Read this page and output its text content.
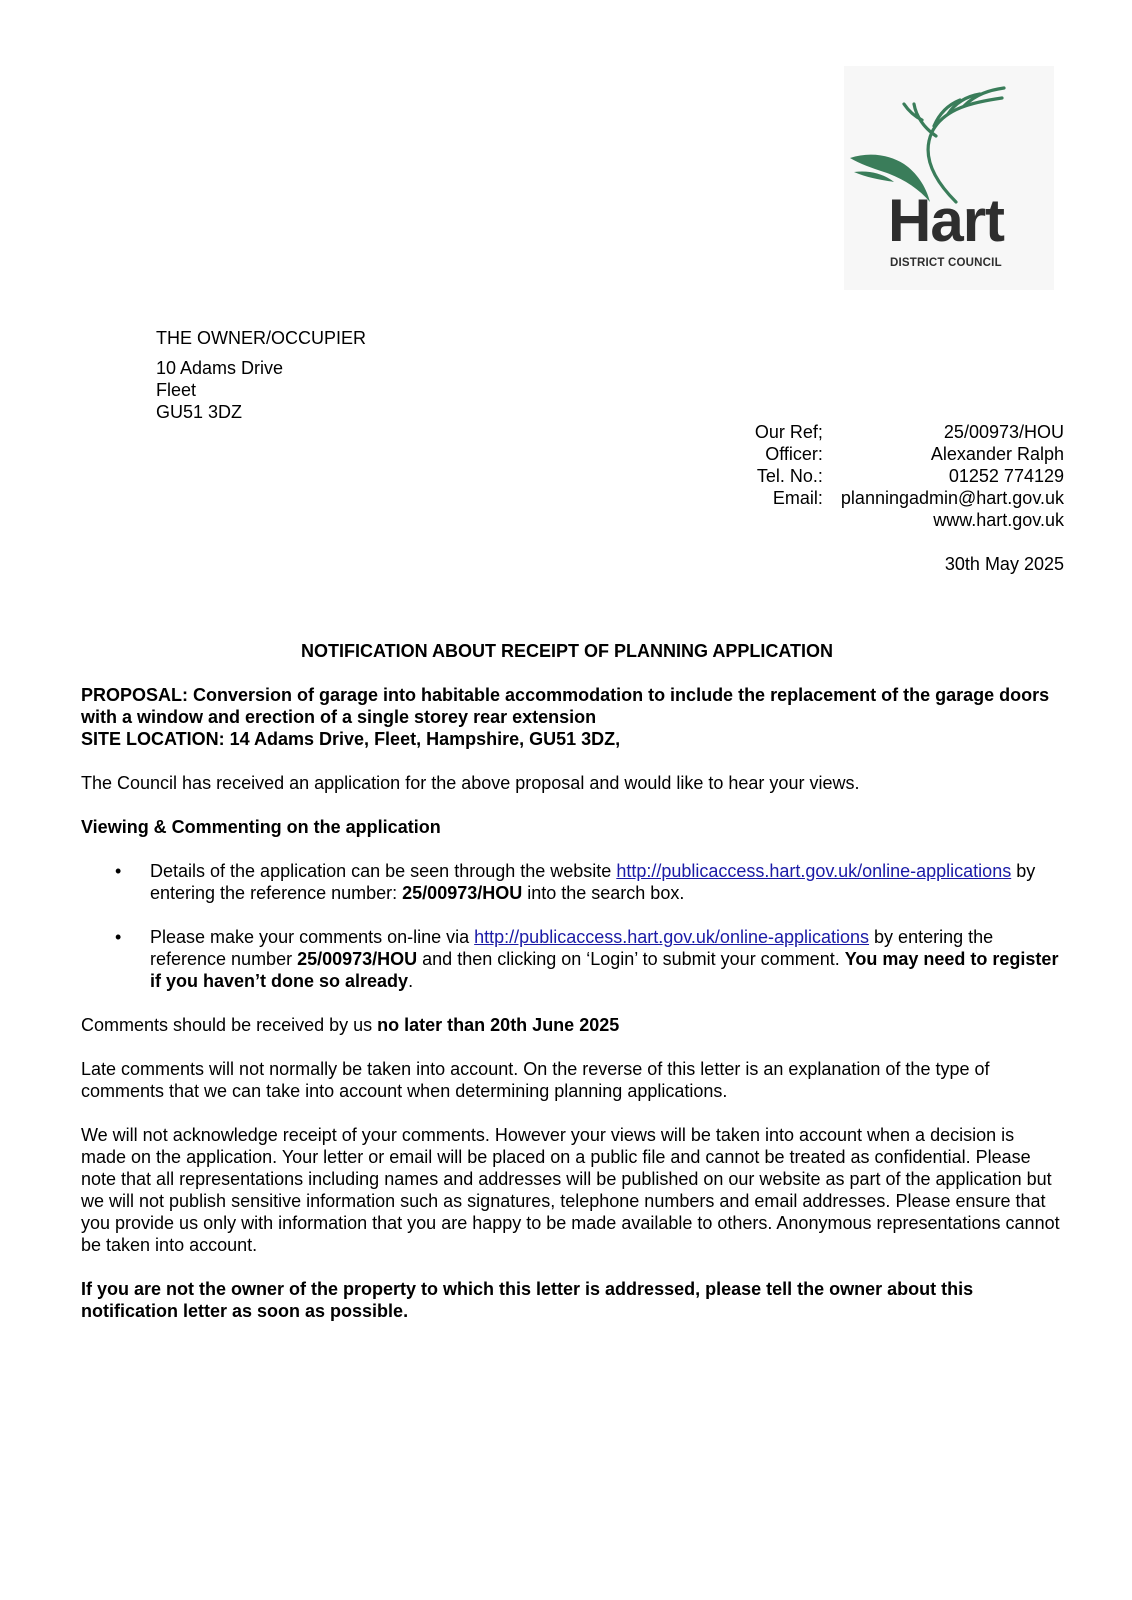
Hart
DISTRICT COUNCIL
THE OWNER/OCCUPIER
10 Adams Drive
Fleet
GU51 3DZ
Our Ref;	25/00973/HOU
Officer:	Alexander Ralph
Tel. No.:	01252 774129
Email:	planningadmin@hart.gov.uk
	www.hart.gov.uk
30th May 2025
NOTIFICATION ABOUT RECEIPT OF PLANNING APPLICATION
PROPOSAL: Conversion of garage into habitable accommodation to include the replacement of the garage doors with a window and erection of a single storey rear extension
SITE LOCATION: 14 Adams Drive, Fleet, Hampshire, GU51 3DZ,

The Council has received an application for the above proposal and would like to hear your views.

Viewing & Commenting on the application
• Details of the application can be seen through the website http://publicaccess.hart.gov.uk/online-applications by entering the reference number: 25/00973/HOU into the search box.
• Please make your comments on-line via http://publicaccess.hart.gov.uk/online-applications by entering the reference number 25/00973/HOU and then clicking on ‘Login’ to submit your comment. You may need to register if you haven’t done so already.

Comments should be received by us no later than 20th June 2025

Late comments will not normally be taken into account. On the reverse of this letter is an explanation of the type of comments that we can take into account when determining planning applications.

We will not acknowledge receipt of your comments. However your views will be taken into account when a decision is made on the application. Your letter or email will be placed on a public file and cannot be treated as confidential. Please note that all representations including names and addresses will be published on our website as part of the application but we will not publish sensitive information such as signatures, telephone numbers and email addresses. Please ensure that you provide us only with information that you are happy to be made available to others. Anonymous representations cannot be taken into account.

If you are not the owner of the property to which this letter is addressed, please tell the owner about this notification letter as soon as possible.
